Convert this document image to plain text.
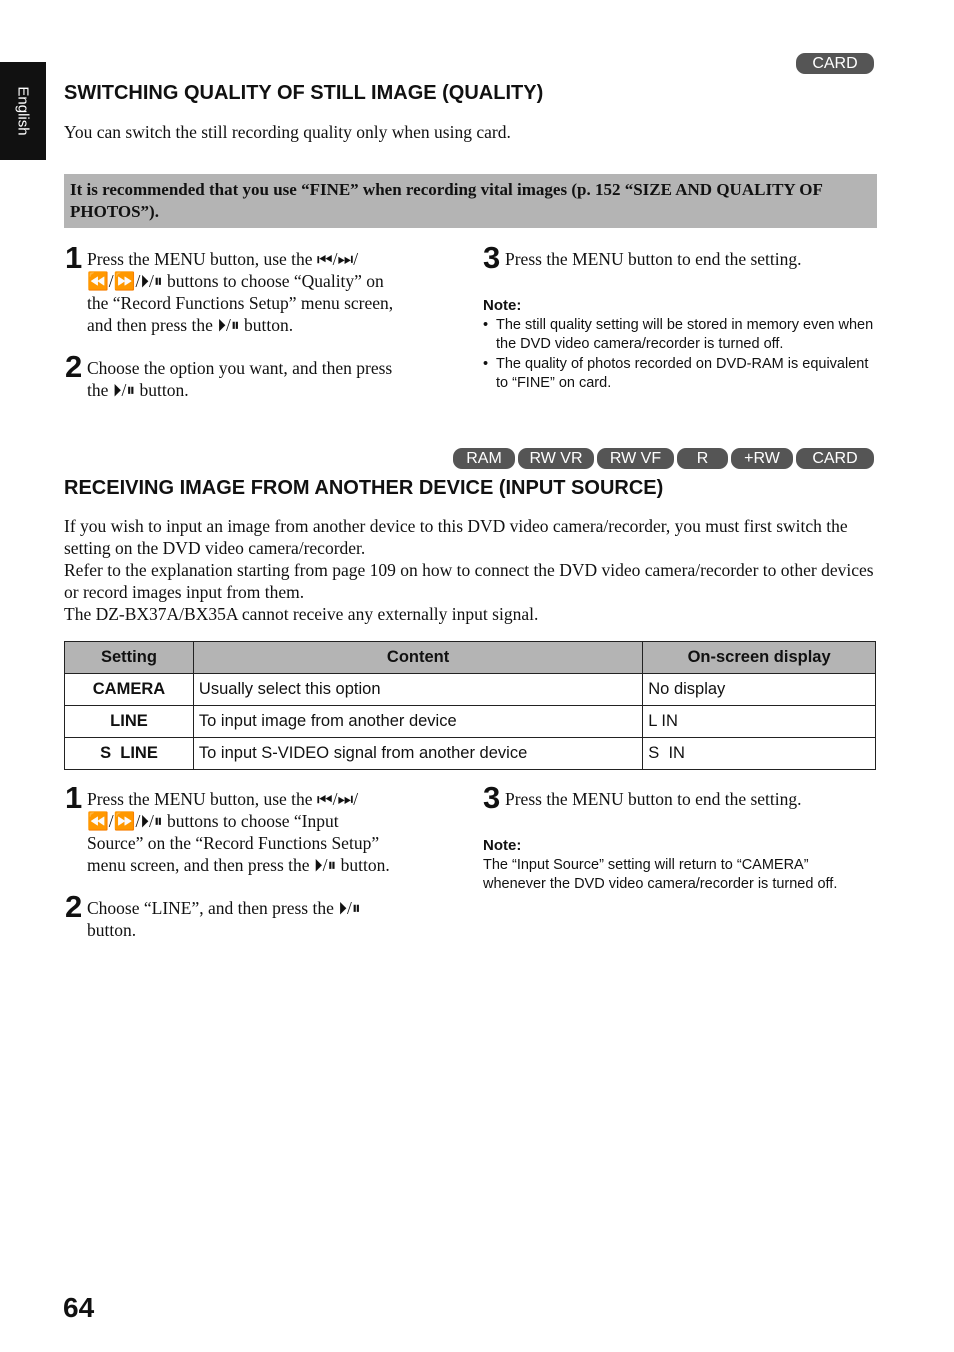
English
CARD
SWITCHING QUALITY OF STILL IMAGE (QUALITY)
You can switch the still recording quality only when using card.
It is recommended that you use “FINE” when recording vital images (p. 152 “SIZE AND QUALITY OF PHOTOS”).
1 Press the MENU button, use the ⏮/⏭/
⏪/⏩/⏵/⏸ buttons to choose “Quality” on
the “Record Functions Setup” menu screen,
and then press the ⏵/⏸ button.
2 Choose the option you want, and then press
the ⏵/⏸ button.
3 Press the MENU button to end the setting.
Note:
• The still quality setting will be stored in memory even when the DVD video camera/recorder is turned off.
• The quality of photos recorded on DVD-RAM is equivalent to “FINE” on card.
RAM	RW VR	RW VF	R	+RW	CARD
RECEIVING IMAGE FROM ANOTHER DEVICE (INPUT SOURCE)

If you wish to input an image from another device to this DVD video camera/recorder, you must first switch the setting on the DVD video camera/recorder.

Refer to the explanation starting from page 109 on how to connect the DVD video camera/recorder to other devices or record images input from them.

The DZ-BX37A/BX35A cannot receive any externally input signal.

Setting	Content	On-screen display
CAMERA	Usually select this option	No display
LINE	To input image from another device	L IN
S  LINE	To input S-VIDEO signal from another device	S  IN
1 Press the MENU button, use the ⏮/⏭/
⏪/⏩/⏵/⏸ buttons to choose “Input
Source” on the “Record Functions Setup”
menu screen, and then press the ⏵/⏸ button.
2 Choose “LINE”, and then press the ⏵/⏸
button.
3 Press the MENU button to end the setting.
Note:
The “Input Source” setting will return to “CAMERA” whenever the DVD video camera/recorder is turned off.
64
